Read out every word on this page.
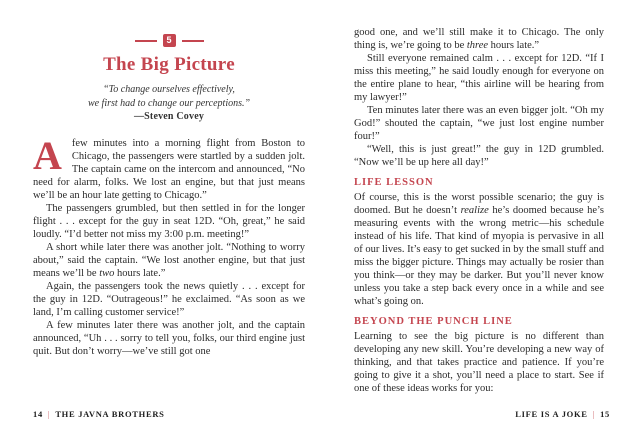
5
The Big Picture
“To change ourselves effectively,
we first had to change our perceptions.”
—Steven Covey

Afew minutes into a morning flight from Boston to Chicago, the passengers were startled by a sudden jolt. The captain came on the intercom and announced, “No need for alarm, folks. We lost an engine, but that just means we’ll be an hour late getting to Chicago.”

The passengers grumbled, but then settled in for the longer flight . . . except for the guy in seat 12D. “Oh, great,” he said loudly. “I’d better not miss my 3:00 p.m. meeting!”

A short while later there was another jolt. “Nothing to worry about,” said the captain. “We lost another engine, but that just means we’ll be two hours late.”

Again, the passengers took the news quietly . . . except for the guy in 12D. “Outrageous!” he exclaimed. “As soon as we land, I’m calling customer service!”

A few minutes later there was another jolt, and the captain announced, “Uh . . . sorry to tell you, folks, our third engine just quit. But don’t worry—we’ve still got one

14 | THE JAVNA BROTHERS

good one, and we’ll still make it to Chicago. The only thing is, we’re going to be three hours late.”

Still everyone remained calm . . . except for 12D. “If I miss this meeting,” he said loudly enough for everyone on the entire plane to hear, “this airline will be hearing from my lawyer!”

Ten minutes later there was an even bigger jolt. “Oh my God!” shouted the captain, “we just lost engine number four!”

“Well, this is just great!” the guy in 12D grumbled. “Now we’ll be up here all day!”

LIFE LESSON

Of course, this is the worst possible scenario; the guy is doomed. But he doesn’t realize he’s doomed because he’s measuring events with the wrong metric—his schedule instead of his life. That kind of myopia is pervasive in all of our lives. It’s easy to get sucked in by the small stuff and miss the bigger picture. Things may actually be rosier than you think—or they may be darker. But you’ll never know unless you take a step back every once in a while and see what’s going on.

BEYOND THE PUNCH LINE

Learning to see the big picture is no different than developing any new skill. You’re developing a new way of thinking, and that takes practice and patience. If you’re going to give it a shot, you’ll need a place to start. See if one of these ideas works for you:

LIFE IS A JOKE | 15
